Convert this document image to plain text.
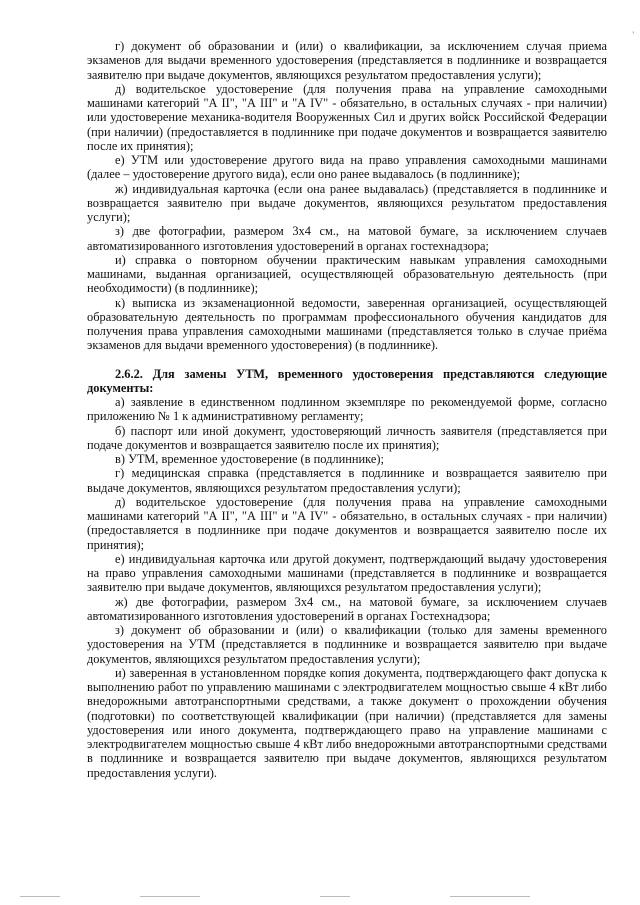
'

г) документ об образовании и (или) о квалификации, за исключением случая приема экзаменов для выдачи временного удостоверения (представляется в подлиннике и возвращается заявителю при выдаче документов, являющихся результатом предоставления услуги);

д) водительское удостоверение (для получения права на управление самоходными машинами категорий "А II", "А III" и "А IV" - обязательно, в остальных случаях - при наличии) или удостоверение механика-водителя Вооруженных Сил и других войск Российской Федерации (при наличии) (предоставляется в подлиннике при подаче документов и возвращается заявителю после их принятия);

е) УТМ или удостоверение другого вида на право управления самоходными машинами (далее – удостоверение другого вида), если оно ранее выдавалось (в подлиннике);

ж) индивидуальная карточка (если она ранее выдавалась) (представляется в подлиннике и возвращается заявителю при выдаче документов, являющихся результатом предоставления услуги);

з) две фотографии, размером 3х4 см., на матовой бумаге, за исключением случаев автоматизированного изготовления удостоверений в органах гостехнадзора;

и) справка о повторном обучении практическим навыкам управления самоходными машинами, выданная организацией, осуществляющей образовательную деятельность (при необходимости) (в подлиннике);

к) выписка из экзаменационной ведомости, заверенная организацией, осуществляющей образовательную деятельность по программам профессионального обучения кандидатов для получения права управления самоходными машинами (представляется только в случае приёма экзаменов для выдачи временного удостоверения) (в подлиннике).

2.6.2. Для замены УТМ, временного удостоверения представляются следующие документы:

а) заявление в единственном подлинном экземпляре по рекомендуемой форме, согласно приложению № 1 к административному регламенту;

б) паспорт или иной документ, удостоверяющий личность заявителя (представляется при подаче документов и возвращается заявителю после их принятия);

в) УТМ, временное удостоверение (в подлиннике);

г) медицинская справка (представляется в подлиннике и возвращается заявителю при выдаче документов, являющихся результатом предоставления услуги);

д) водительское удостоверение (для получения права на управление самоходными машинами категорий "А II", "А III" и "А IV" - обязательно, в остальных случаях - при наличии) (предоставляется в подлиннике при подаче документов и возвращается заявителю после их принятия);

е) индивидуальная карточка или другой документ, подтверждающий выдачу удостоверения на право управления самоходными машинами (представляется в подлиннике и возвращается заявителю при выдаче документов, являющихся результатом предоставления услуги);

ж) две фотографии, размером 3х4 см., на матовой бумаге, за исключением случаев автоматизированного изготовления удостоверений в органах Гостехнадзора;

з) документ об образовании и (или) о квалификации (только для замены временного удостоверения на УТМ (представляется в подлиннике и возвращается заявителю при выдаче документов, являющихся результатом предоставления услуги);

и) заверенная в установленном порядке копия документа, подтверждающего факт допуска к выполнению работ по управлению машинами с электродвигателем мощностью свыше 4 кВт либо внедорожными автотранспортными средствами, а также документ о прохождении обучения (подготовки) по соответствующей квалификации (при наличии) (представляется для замены удостоверения или иного документа, подтверждающего право на управление машинами с электродвигателем мощностью свыше 4 кВт либо внедорожными автотранспортными средствами в подлиннике и возвращается заявителю при выдаче документов, являющихся результатом предоставления услуги).
